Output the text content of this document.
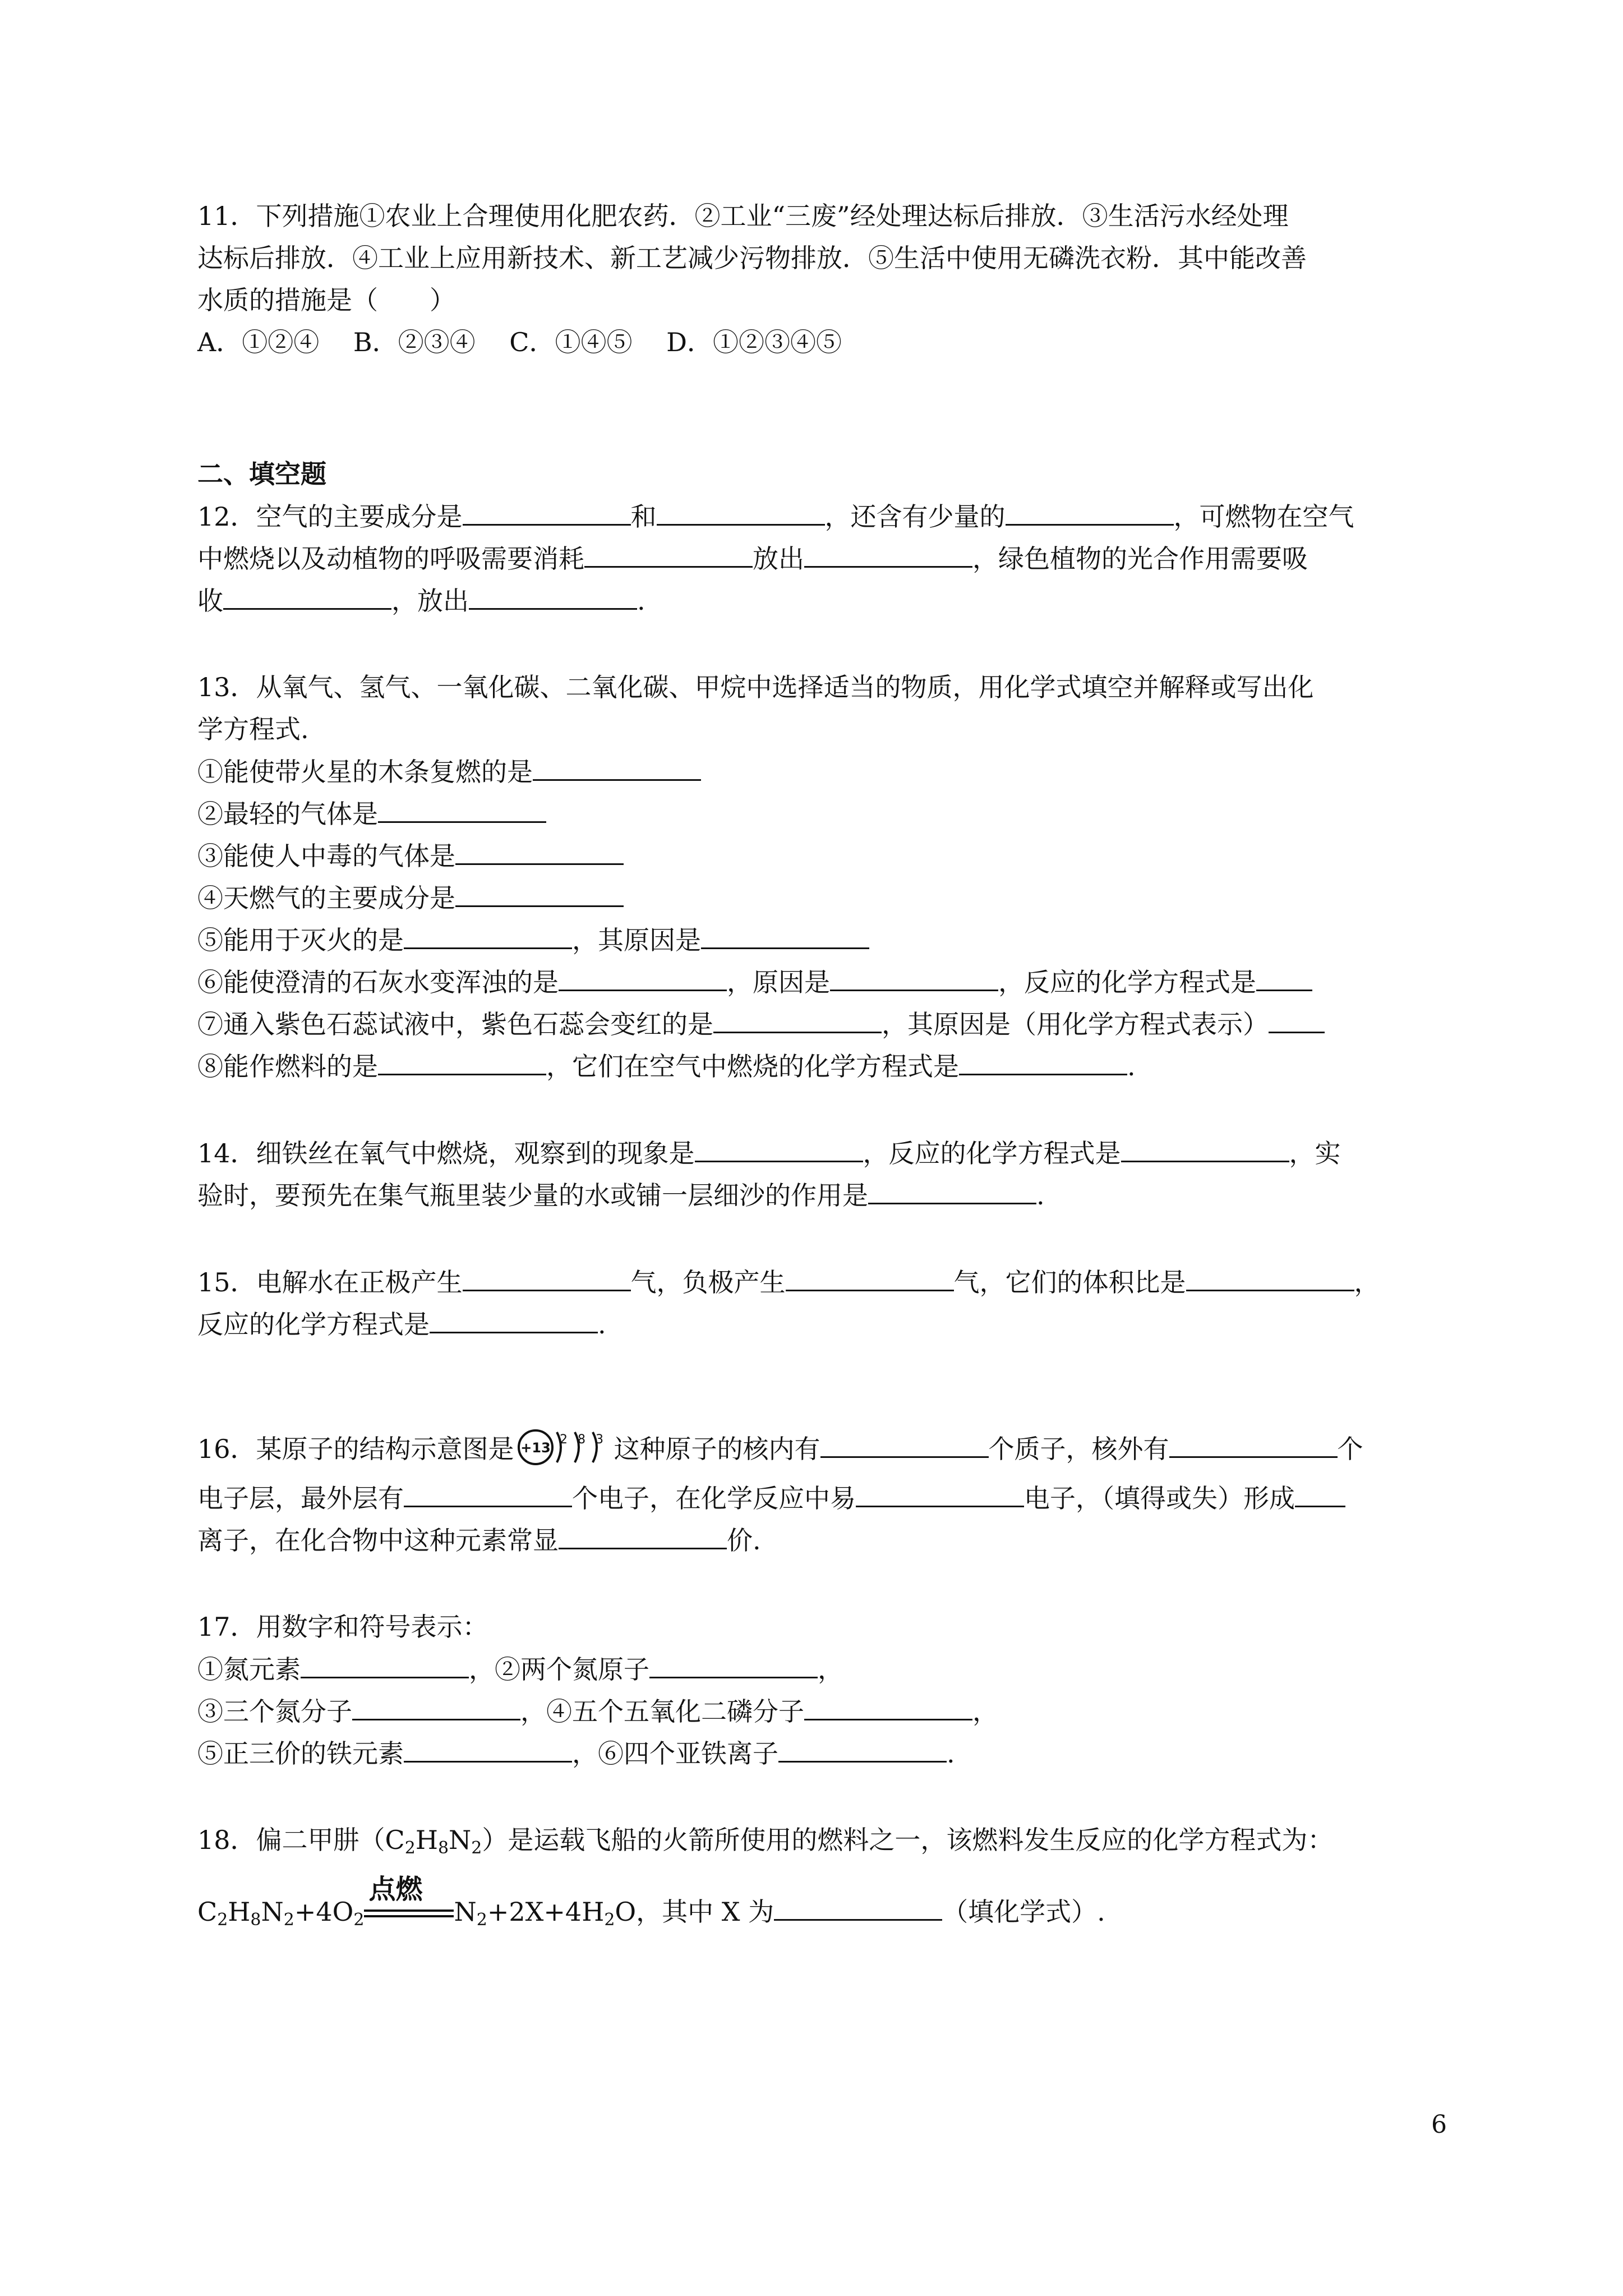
11．下列措施①农业上合理使用化肥农药．②工业“三废”经处理达标后排放．③生活污水经处理
达标后排放．④工业上应用新技术、新工艺减少污物排放．⑤生活中使用无磷洗衣粉．其中能改善
水质的措施是（　　）
A．①②④　 B．②③④　 C．①④⑤　 D．①②③④⑤
二、填空题
12．空气的主要成分是	和	，还含有少量的	，可燃物在空气
中燃烧以及动植物的呼吸需要消耗	放出	，绿色植物的光合作用需要吸
收	，放出	.
13．从氧气、氢气、一氧化碳、二氧化碳、甲烷中选择适当的物质，用化学式填空并解释或写出化
学方程式.
①能使带火星的木条复燃的是
②最轻的气体是
③能使人中毒的气体是
④天燃气的主要成分是
⑤能用于灭火的是	，其原因是
⑥能使澄清的石灰水变浑浊的是	，原因是	，反应的化学方程式是
⑦通入紫色石蕊试液中，紫色石蕊会变红的是	，其原因是（用化学方程式表示）
⑧能作燃料的是	，它们在空气中燃烧的化学方程式是	.
14．细铁丝在氧气中燃烧，观察到的现象是	，反应的化学方程式是	，实
验时，要预先在集气瓶里装少量的水或铺一层细沙的作用是	.
15．电解水在正极产生	气，负极产生	气，它们的体积比是	，
反应的化学方程式是	.
16．某原子的结构示意图是 +13
2 8 3 这种原子的核内有	个质子，核外有	个
电子层，最外层有	个电子，在化学反应中易	电子，（填得或失）形成
离子，在化合物中这种元素常显	价.
17．用数字和符号表示：
①氮元素	，②两个氮原子	，
③三个氮分子	，④五个五氧化二磷分子	，
⑤正三价的铁元素	，⑥四个亚铁离子	.
18．偏二甲肼$(C_2H_8N_2)$是运载飞船的火箭所使用的燃料之一，该燃料发生反应的化学方程式为：
$C_2H_8N_2+4O_2$
点燃
$N_2+2X+4H_2O$，其中 X 为	（填化学式）.
6
